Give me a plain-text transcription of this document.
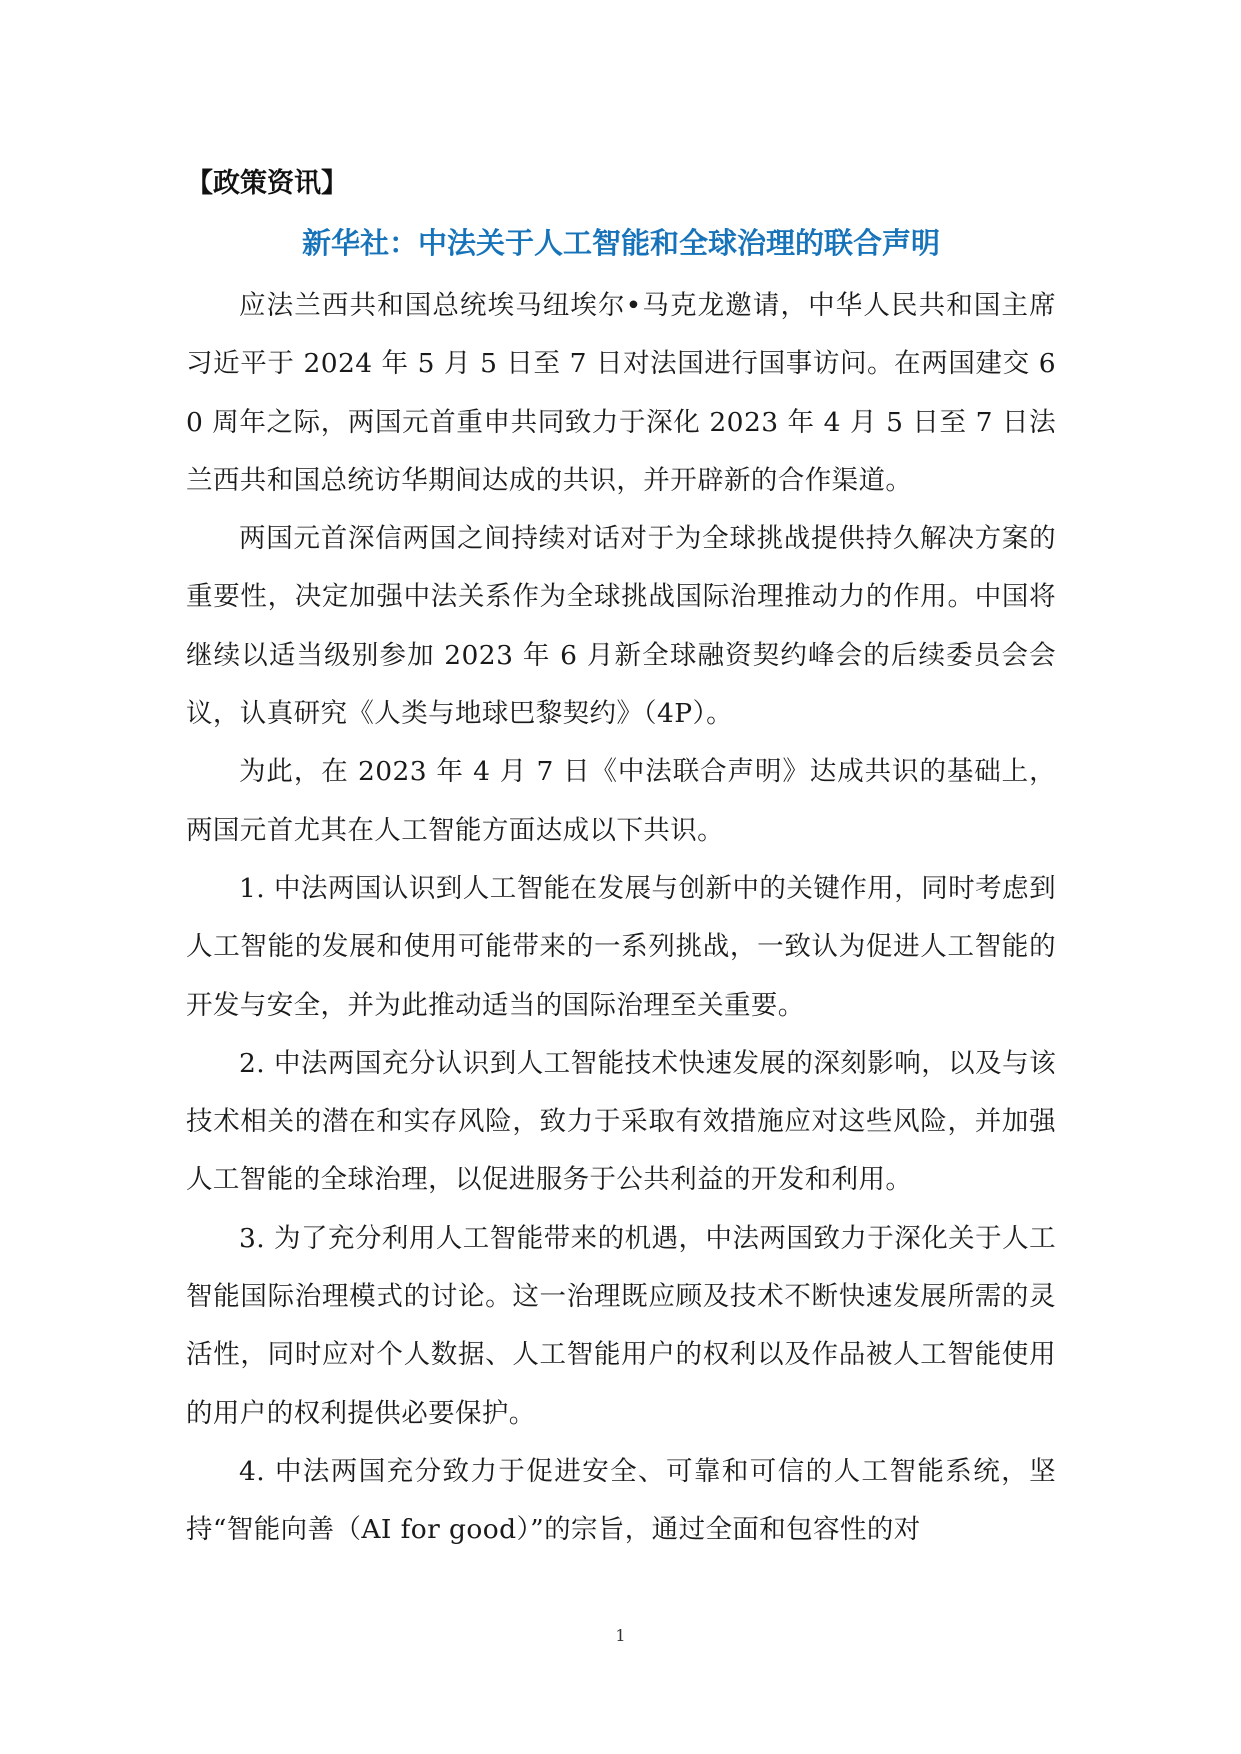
【政策资讯】
新华社：中法关于人工智能和全球治理的联合声明

应法兰西共和国总统埃马纽埃尔•马克龙邀请，中华人民共和国主席习近平于 2024 年 5 月 5 日至 7 日对法国进行国事访问。在两国建交 60 周年之际，两国元首重申共同致力于深化 2023 年 4 月 5 日至 7 日法兰西共和国总统访华期间达成的共识，并开辟新的合作渠道。

两国元首深信两国之间持续对话对于为全球挑战提供持久解决方案的重要性，决定加强中法关系作为全球挑战国际治理推动力的作用。中国将继续以适当级别参加 2023 年 6 月新全球融资契约峰会的后续委员会会议，认真研究《人类与地球巴黎契约》（4P）。

为此，在 2023 年 4 月 7 日《中法联合声明》达成共识的基础上，两国元首尤其在人工智能方面达成以下共识。

1. 中法两国认识到人工智能在发展与创新中的关键作用，同时考虑到人工智能的发展和使用可能带来的一系列挑战，一致认为促进人工智能的开发与安全，并为此推动适当的国际治理至关重要。

2. 中法两国充分认识到人工智能技术快速发展的深刻影响，以及与该技术相关的潜在和实存风险，致力于采取有效措施应对这些风险，并加强人工智能的全球治理，以促进服务于公共利益的开发和利用。

3. 为了充分利用人工智能带来的机遇，中法两国致力于深化关于人工智能国际治理模式的讨论。这一治理既应顾及技术不断快速发展所需的灵活性，同时应对个人数据、人工智能用户的权利以及作品被人工智能使用的用户的权利提供必要保护。

4. 中法两国充分致力于促进安全、可靠和可信的人工智能系统，坚持“智能向善（AI for good）”的宗旨，通过全面和包容性的对

1
